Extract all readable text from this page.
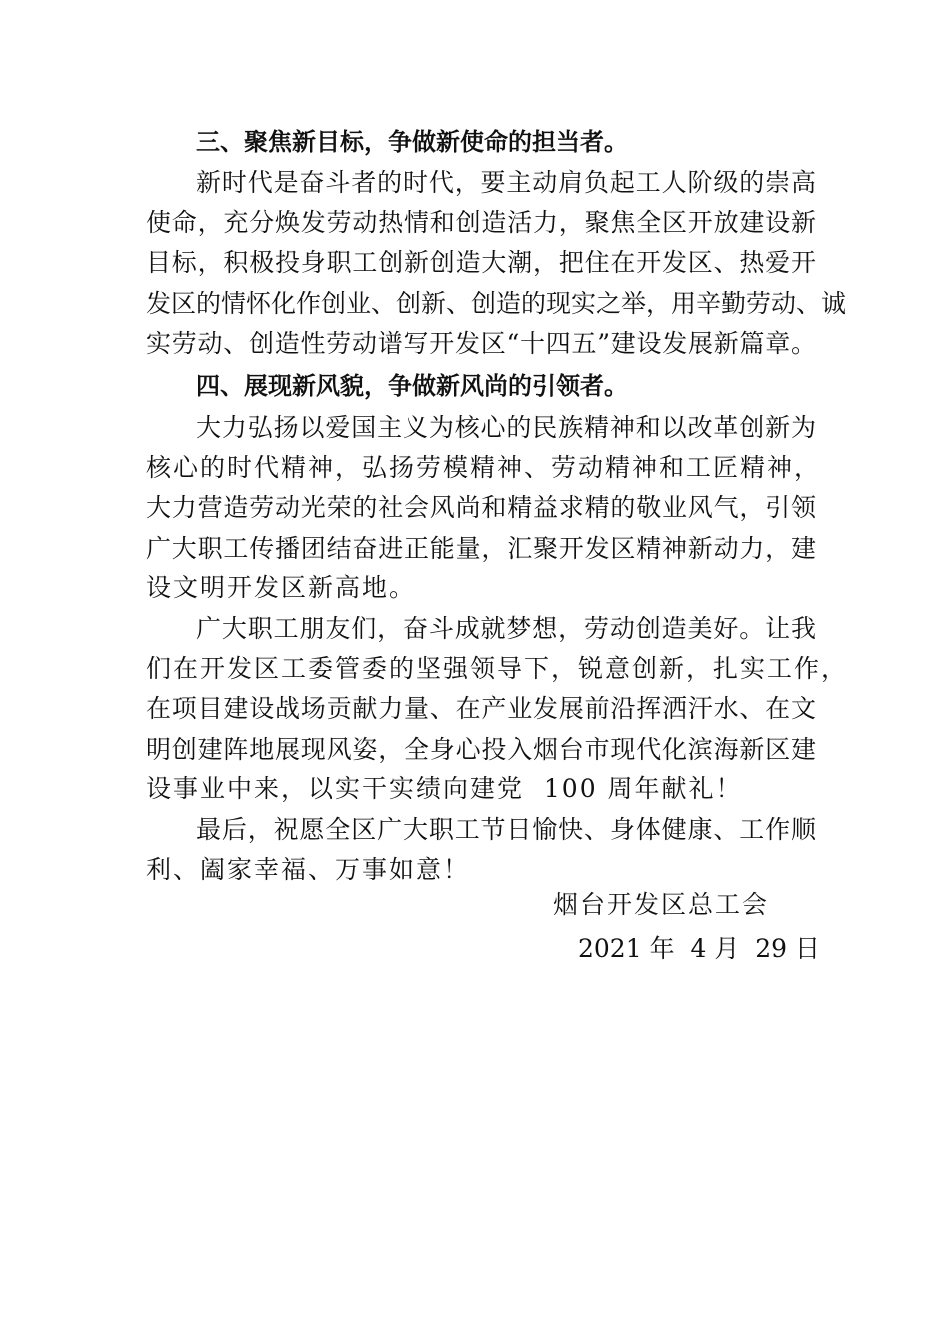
三、聚焦新目标，争做新使命的担当者。
新时代是奋斗者的时代，要主动肩负起工人阶级的崇高
使命，充分焕发劳动热情和创造活力，聚焦全区开放建设新
目标，积极投身职工创新创造大潮，把住在开发区、热爱开
发区的情怀化作创业、创新、创造的现实之举，用辛勤劳动、诚
实劳动、创造性劳动谱写开发区“十四五”建设发展新篇章。
四、展现新风貌，争做新风尚的引领者。
大力弘扬以爱国主义为核心的民族精神和以改革创新为
核心的时代精神，弘扬劳模精神、劳动精神和工匠精神，
大力营造劳动光荣的社会风尚和精益求精的敬业风气，引领
广大职工传播团结奋进正能量，汇聚开发区精神新动力，建
设文明开发区新高地。
广大职工朋友们，奋斗成就梦想，劳动创造美好。让我
们在开发区工委管委的坚强领导下，锐意创新，扎实工作，
在项目建设战场贡献力量、在产业发展前沿挥洒汗水、在文
明创建阵地展现风姿，全身心投入烟台市现代化滨海新区建
设事业中来，以实干实绩向建党  100 周年献礼！
最后，祝愿全区广大职工节日愉快、身体健康、工作顺
利、阖家幸福、万事如意！
烟台开发区总工会
2021 年  4 月  29 日
